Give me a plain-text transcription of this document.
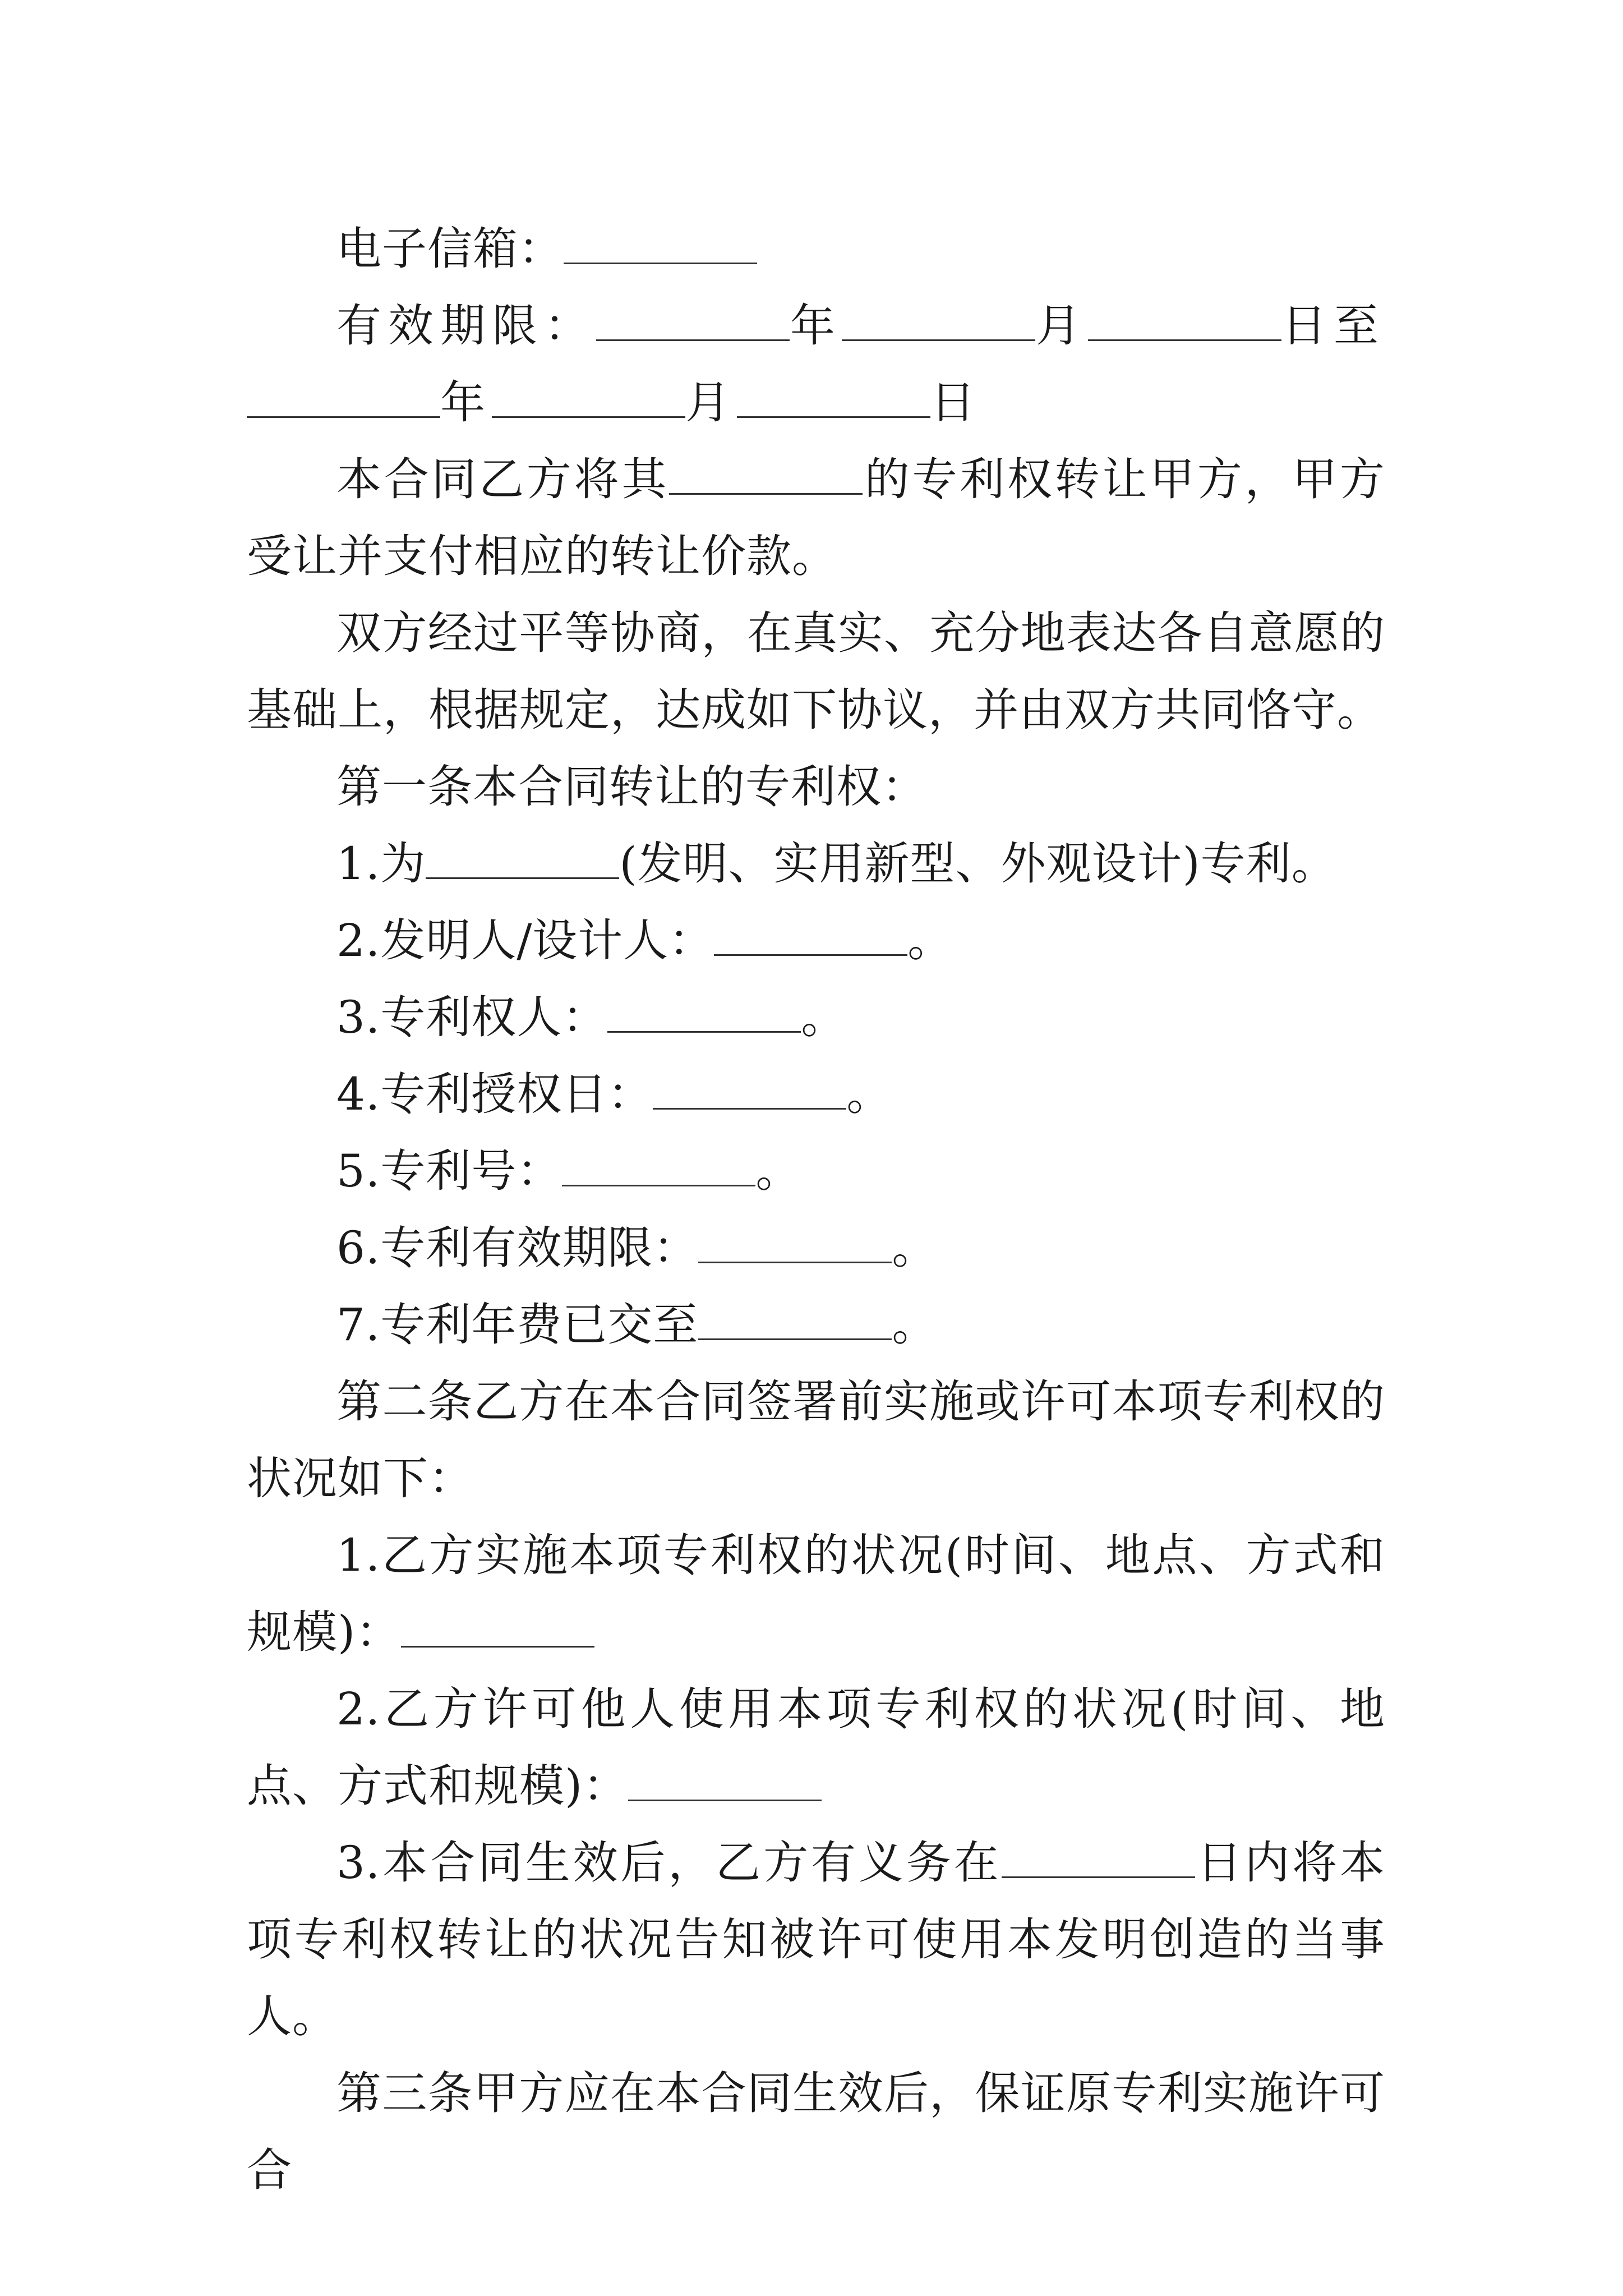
电子信箱：

有效期限：	年	月	日至年	月	日

本合同乙方将其	的专利权转让甲方，甲方受让并支付相应的转让价款。

双方经过平等协商，在真实、充分地表达各自意愿的基础上，根据规定，达成如下协议，并由双方共同恪守。

第一条本合同转让的专利权：

1.为	(发明、实用新型、外观设计)专利。

2.发明人/设计人：	。

3.专利权人：	。

4.专利授权日：	。

5.专利号：	。

6.专利有效期限：	。

7.专利年费已交至	。

第二条乙方在本合同签署前实施或许可本项专利权的状况如下：

1.乙方实施本项专利权的状况(时间、地点、方式和规模)：

2.乙方许可他人使用本项专利权的状况(时间、地点、方式和规模)：

3.本合同生效后，乙方有义务在	日内将本项专利权转让的状况告知被许可使用本发明创造的当事人。

第三条甲方应在本合同生效后，保证原专利实施许可合
